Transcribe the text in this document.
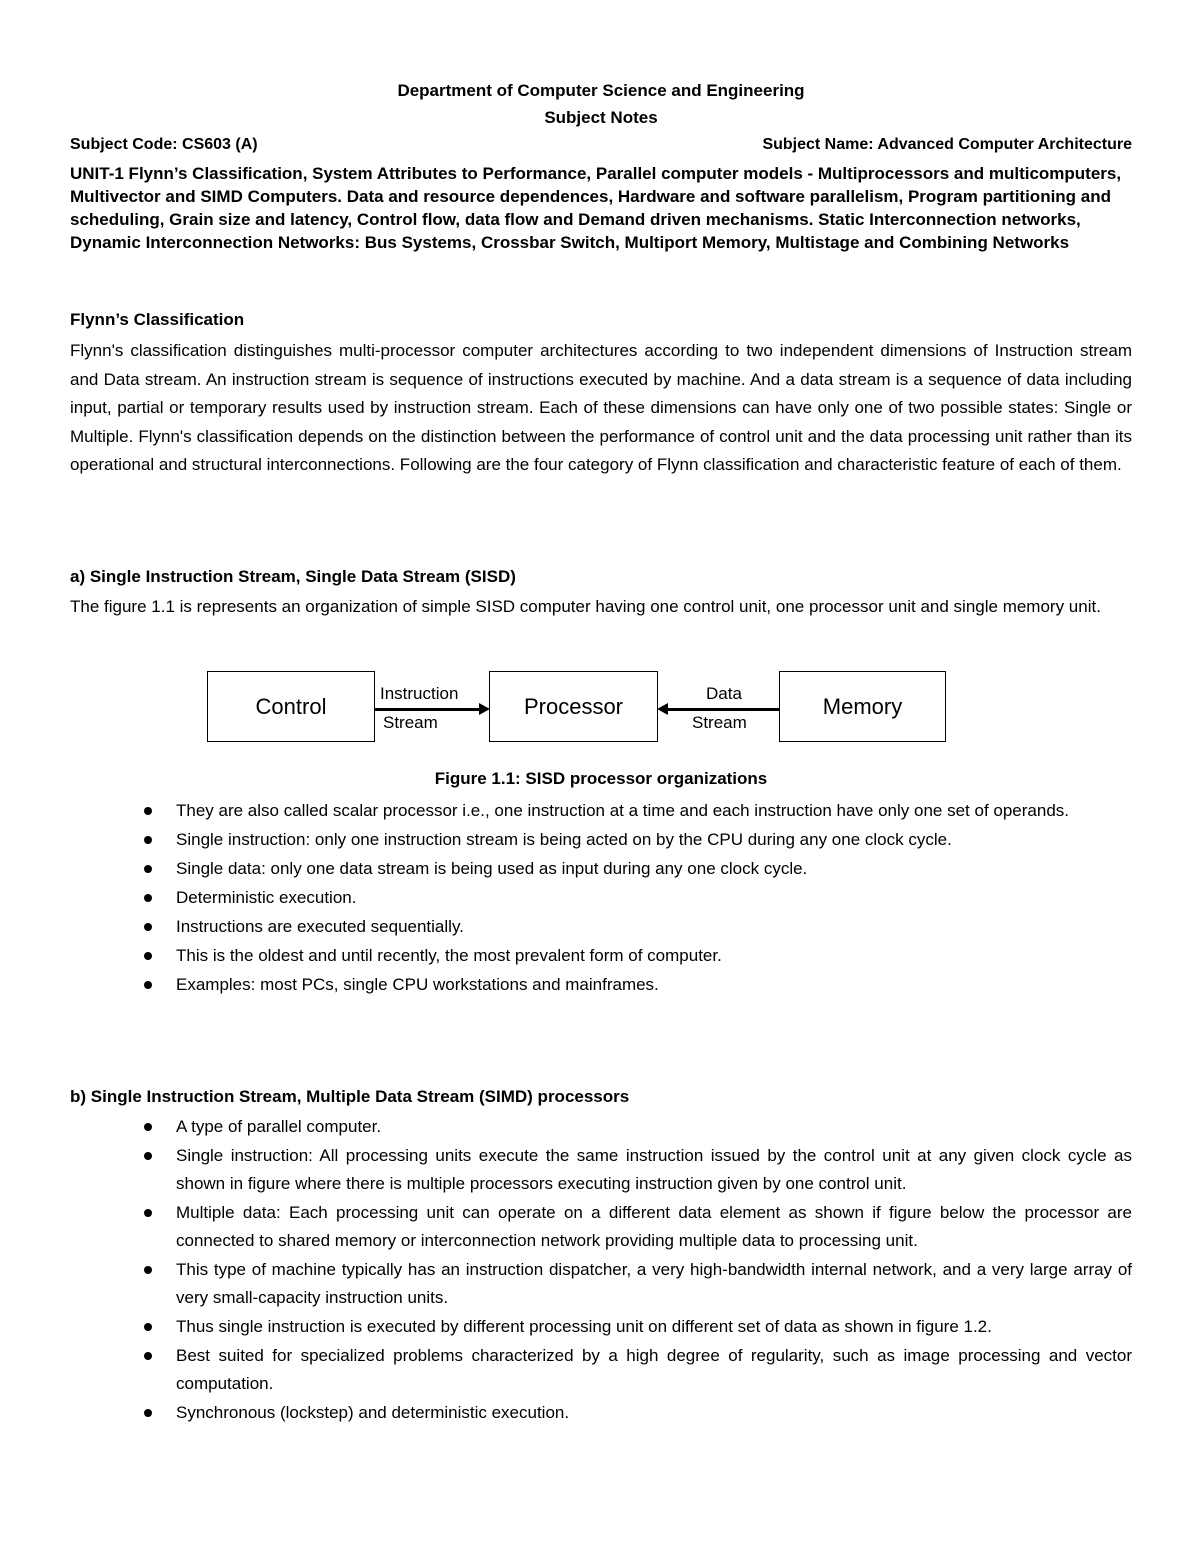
Department of Computer Science and Engineering
Subject Notes
Subject Code: CS603 (A)	Subject Name: Advanced Computer Architecture
UNIT-1 Flynn’s Classification, System Attributes to Performance, Parallel computer models - Multiprocessors and multicomputers, Multivector and SIMD Computers. Data and resource dependences, Hardware and software parallelism, Program partitioning and scheduling, Grain size and latency, Control flow, data flow and Demand driven mechanisms. Static Interconnection networks, Dynamic Interconnection Networks: Bus Systems, Crossbar Switch, Multiport Memory, Multistage and Combining Networks
Flynn’s Classification
Flynn's classification distinguishes multi-processor computer architectures according to two independent dimensions of Instruction stream and Data stream. An instruction stream is sequence of instructions executed by machine. And a data stream is a sequence of data including input, partial or temporary results used by instruction stream. Each of these dimensions can have only one of two possible states: Single or Multiple. Flynn's classification depends on the distinction between the performance of control unit and the data processing unit rather than its operational and structural interconnections. Following are the four category of Flynn classification and characteristic feature of each of them.
a) Single Instruction Stream, Single Data Stream (SISD)
The figure 1.1 is represents an organization of simple SISD computer having one control unit, one processor unit and single memory unit.
Control	Processor	Memory
Instruction
Stream
Data
Stream
Figure 1.1: SISD processor organizations
They are also called scalar processor i.e., one instruction at a time and each instruction have only one set of operands.
Single instruction: only one instruction stream is being acted on by the CPU during any one clock cycle.
Single data: only one data stream is being used as input during any one clock cycle.
Deterministic execution.
Instructions are executed sequentially.
This is the oldest and until recently, the most prevalent form of computer.
Examples: most PCs, single CPU workstations and mainframes.
b) Single Instruction Stream, Multiple Data Stream (SIMD) processors
A type of parallel computer.
Single instruction: All processing units execute the same instruction issued by the control unit at any given clock cycle as shown in figure where there is multiple processors executing instruction given by one control unit.
Multiple data: Each processing unit can operate on a different data element as shown if figure below the processor are connected to shared memory or interconnection network providing multiple data to processing unit.
This type of machine typically has an instruction dispatcher, a very high-bandwidth internal network, and a very large array of very small-capacity instruction units.
Thus single instruction is executed by different processing unit on different set of data as shown in figure 1.2.
Best suited for specialized problems characterized by a high degree of regularity, such as image processing and vector computation.
Synchronous (lockstep) and deterministic execution.
